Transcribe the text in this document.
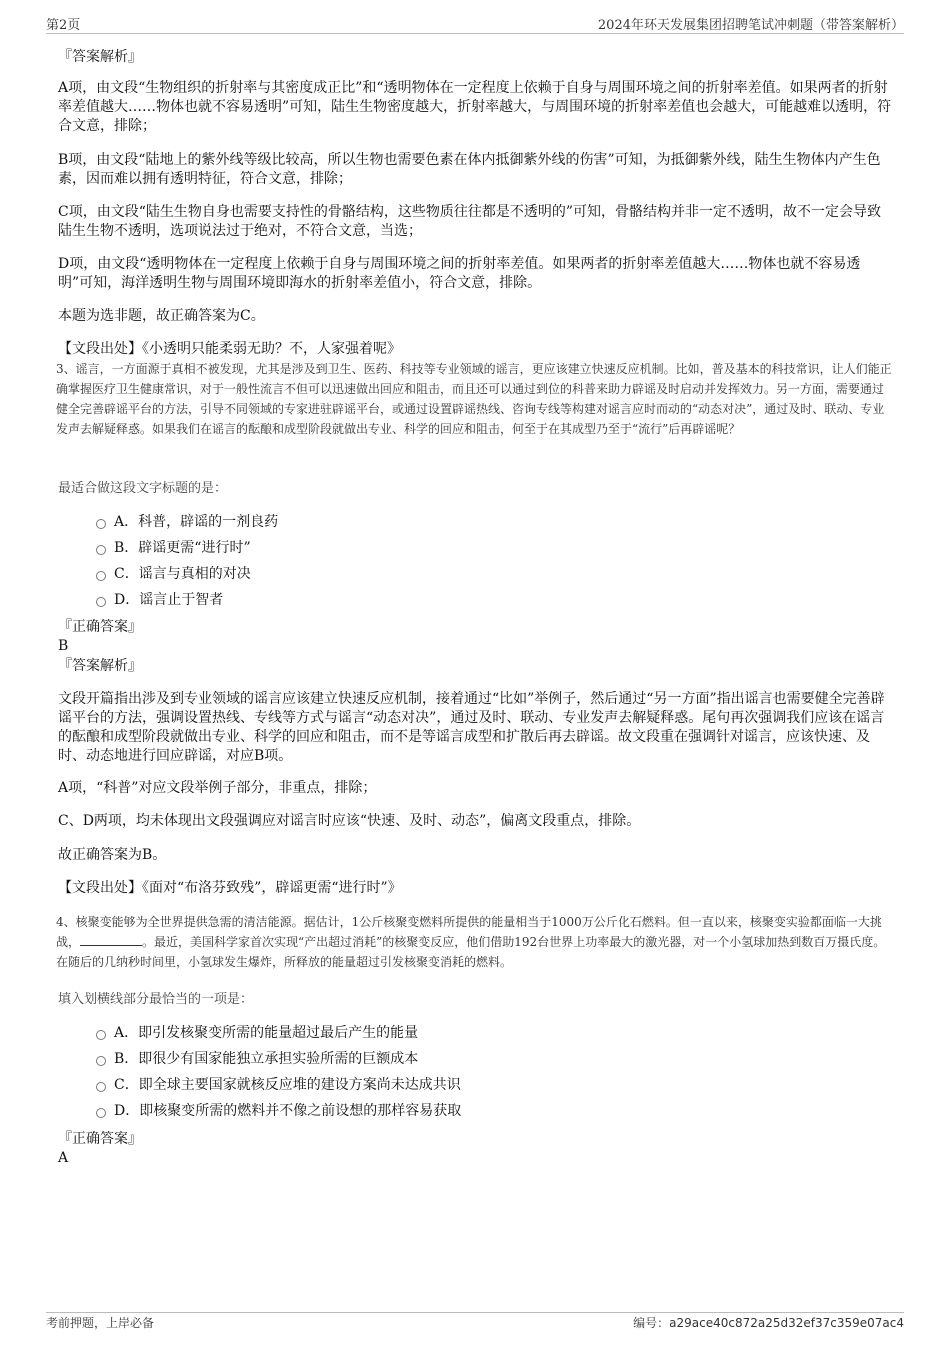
第2页	2024年环天发展集团招聘笔试冲刺题（带答案解析）

『答案解析』

A项，由文段“生物组织的折射率与其密度成正比”和“透明物体在一定程度上依赖于自身与周围环境之间的折射率差值。如果两者的折射率差值越大……物体也就不容易透明”可知，陆生生物密度越大，折射率越大，与周围环境的折射率差值也会越大，可能越难以透明，符合文意，排除；

B项，由文段“陆地上的紫外线等级比较高，所以生物也需要色素在体内抵御紫外线的伤害”可知，为抵御紫外线，陆生生物体内产生色素，因而难以拥有透明特征，符合文意，排除；

C项，由文段“陆生生物自身也需要支持性的骨骼结构，这些物质往往都是不透明的”可知，骨骼结构并非一定不透明，故不一定会导致陆生生物不透明，选项说法过于绝对，不符合文意，当选；

D项，由文段“透明物体在一定程度上依赖于自身与周围环境之间的折射率差值。如果两者的折射率差值越大……物体也就不容易透明”可知，海洋透明生物与周围环境即海水的折射率差值小，符合文意，排除。

本题为选非题，故正确答案为C。

【文段出处】《小透明只能柔弱无助？不，人家强着呢》

3、谣言，一方面源于真相不被发现，尤其是涉及到卫生、医药、科技等专业领域的谣言，更应该建立快速反应机制。比如，普及基本的科技常识，让人们能正确掌握医疗卫生健康常识，对于一般性流言不但可以迅速做出回应和阻击，而且还可以通过到位的科普来助力辟谣及时启动并发挥效力。另一方面，需要通过健全完善辟谣平台的方法，引导不同领域的专家进驻辟谣平台，或通过设置辟谣热线、咨询专线等构建对谣言应时而动的“动态对决”，通过及时、联动、专业发声去解疑释惑。如果我们在谣言的酝酿和成型阶段就做出专业、科学的回应和阻击，何至于在其成型乃至于“流行”后再辟谣呢？

最适合做这段文字标题的是：

A．科普，辟谣的一剂良药
B．辟谣更需“进行时”
C．谣言与真相的对决
D．谣言止于智者

『正确答案』

B

『答案解析』

文段开篇指出涉及到专业领域的谣言应该建立快速反应机制，接着通过“比如”举例子，然后通过“另一方面”指出谣言也需要健全完善辟谣平台的方法，强调设置热线、专线等方式与谣言“动态对决”，通过及时、联动、专业发声去解疑释惑。尾句再次强调我们应该在谣言的酝酿和成型阶段就做出专业、科学的回应和阻击，而不是等谣言成型和扩散后再去辟谣。故文段重在强调针对谣言，应该快速、及时、动态地进行回应辟谣，对应B项。

A项，“科普”对应文段举例子部分，非重点，排除；

C、D两项，均未体现出文段强调应对谣言时应该“快速、及时、动态”，偏离文段重点，排除。

故正确答案为B。

【文段出处】《面对“布洛芬致残”，辟谣更需“进行时”》

4、核聚变能够为全世界提供急需的清洁能源。据估计，1公斤核聚变燃料所提供的能量相当于1000万公斤化石燃料。但一直以来，核聚变实验都面临一大挑战，	。最近，美国科学家首次实现“产出超过消耗”的核聚变反应，他们借助192台世界上功率最大的激光器，对一个小氢球加热到数百万摄氏度。在随后的几纳秒时间里，小氢球发生爆炸，所释放的能量超过引发核聚变消耗的燃料。

填入划横线部分最恰当的一项是：

A．即引发核聚变所需的能量超过最后产生的能量
B．即很少有国家能独立承担实验所需的巨额成本
C．即全球主要国家就核反应堆的建设方案尚未达成共识
D．即核聚变所需的燃料并不像之前设想的那样容易获取

『正确答案』

A

考前押题，上岸必备	编号：a29ace40c872a25d32ef37c359e07ac4
